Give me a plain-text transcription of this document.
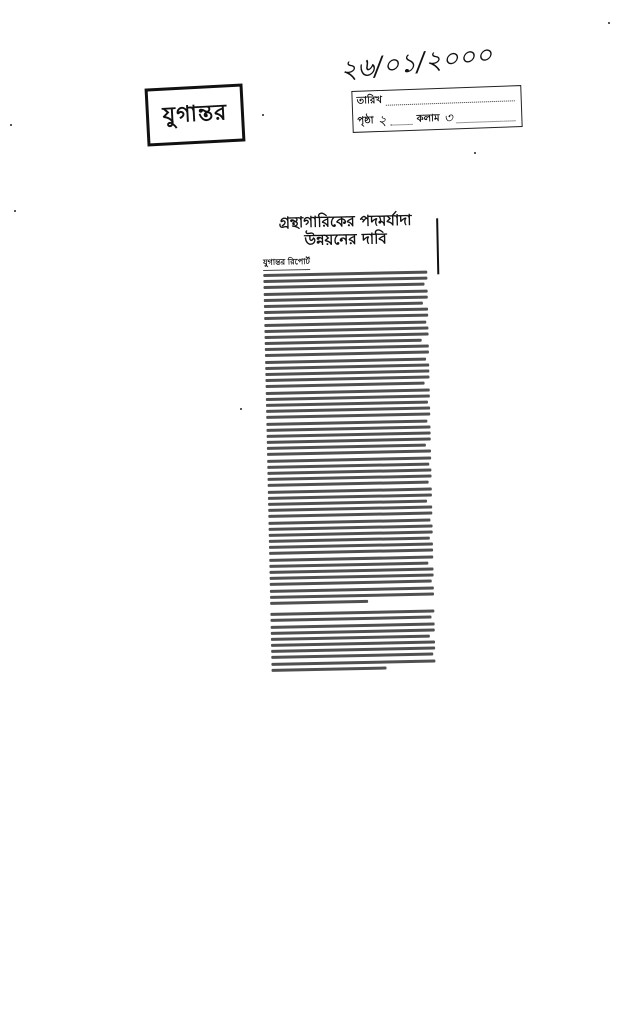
যুগান্তর
২৬/০১/২০০০
তারিখ
পৃষ্ঠা ২	কলাম ৩
গ্রন্থাগারিকের পদমর্যাদা
উন্নয়নের দাবি
যুগান্তর রিপোর্ট
